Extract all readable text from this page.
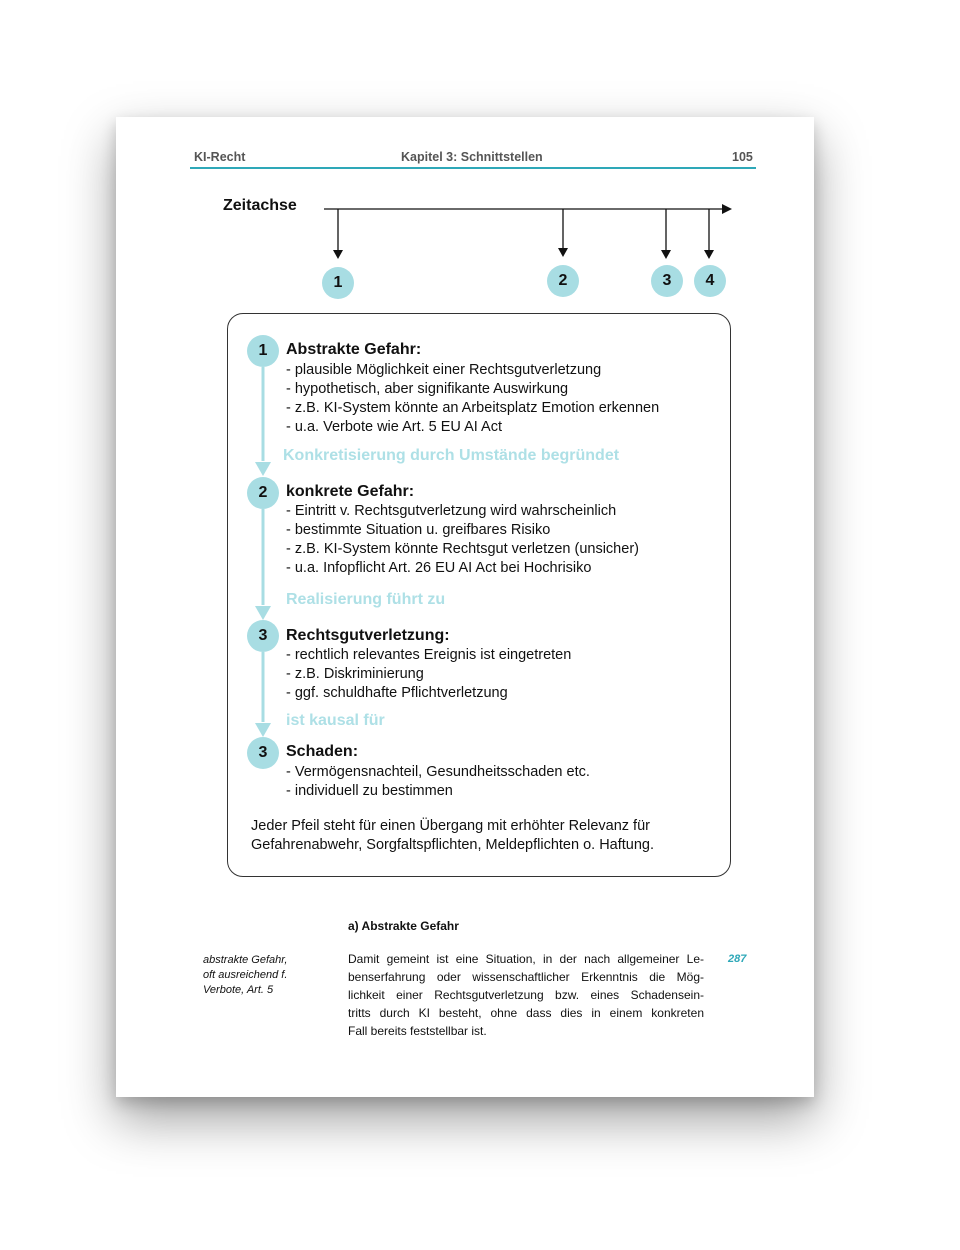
KI-Recht	Kapitel 3: Schnittstellen	105
Zeitachse
1	2	3	4
1	Abstrakte Gefahr:
- plausible Möglichkeit einer Rechtsgutverletzung
- hypothetisch, aber signifikante Auswirkung
- z.B. KI-System könnte an Arbeitsplatz Emotion erkennen
- u.a. Verbote wie Art. 5 EU AI Act
Konkretisierung durch Umstände begründet
2	konkrete Gefahr:
- Eintritt v. Rechtsgutverletzung wird wahrscheinlich
- bestimmte Situation u. greifbares Risiko
- z.B. KI-System könnte Rechtsgut verletzen (unsicher)
- u.a. Infopflicht Art. 26 EU AI Act bei Hochrisiko
Realisierung führt zu
3	Rechtsgutverletzung:
- rechtlich relevantes Ereignis ist eingetreten
- z.B. Diskriminierung
- ggf. schuldhafte Pflichtverletzung
ist kausal für
3	Schaden:
- Vermögensnachteil, Gesundheitsschaden etc.
- individuell zu bestimmen
Jeder Pfeil steht für einen Übergang mit erhöhter Relevanz für
Gefahrenabwehr, Sorgfaltspflichten, Meldepflichten o. Haftung.
a) Abstrakte Gefahr
abstrakte Gefahr,
oft ausreichend f.
Verbote, Art. 5
287
Damit gemeint ist eine Situation, in der nach allgemeiner Le-
benserfahrung oder wissenschaftlicher Erkenntnis die Mög-
lichkeit einer Rechtsgutverletzung bzw. eines Schadensein-
tritts durch KI besteht, ohne dass dies in einem konkreten
Fall bereits feststellbar ist.
